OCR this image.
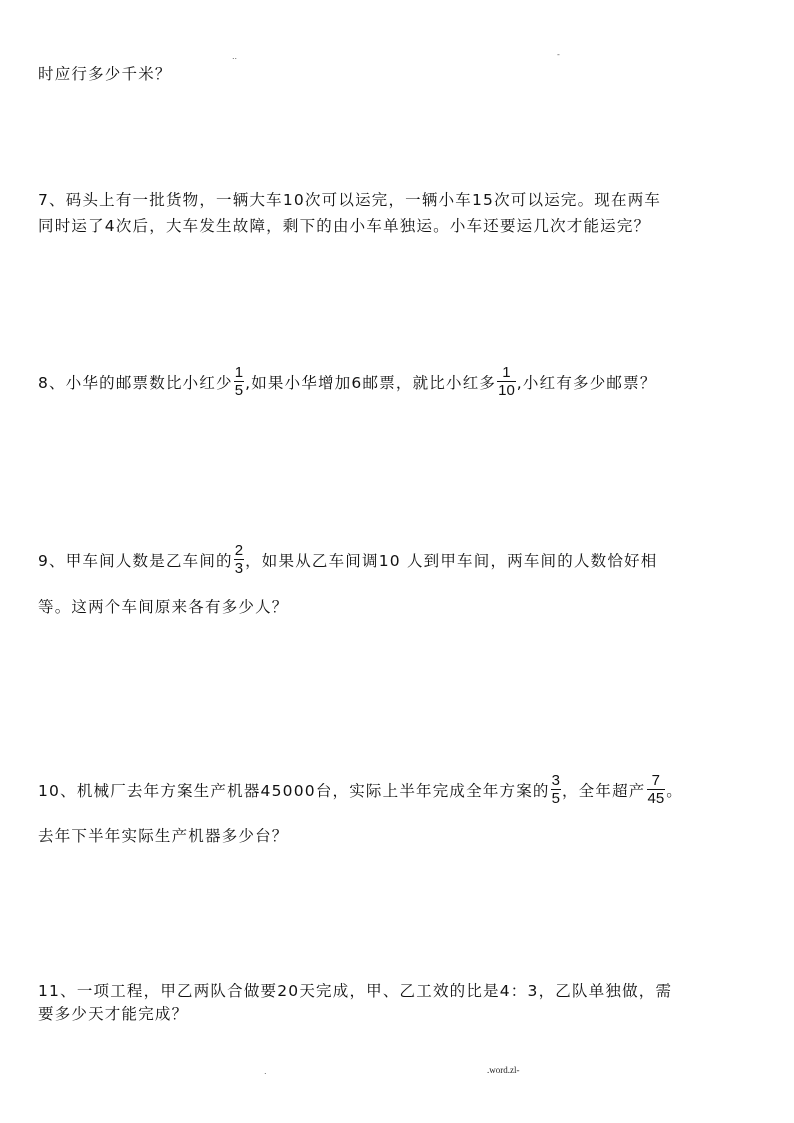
..	-
时应行多少千米？
7、码头上有一批货物，一辆大车10次可以运完，一辆小车15次可以运完。现在两车
同时运了4次后，大车发生故障，剩下的由小车单独运。小车还要运几次才能运完？
8、小华的邮票数比小红少 $\frac{1}{5}$ ,如果小华增加6邮票，就比小红多 $\frac{1}{10}$ ,小红有多少邮票？
9、甲车间人数是乙车间的 $\frac{2}{3}$ ，如果从乙车间调10 人到甲车间，两车间的人数恰好相
等。这两个车间原来各有多少人？
10、机械厂去年方案生产机器45000台，实际上半年完成全年方案的 $\frac{3}{5}$ ，全年超产 $\frac{7}{45}$ 。
去年下半年实际生产机器多少台？
11、一项工程，甲乙两队合做要20天完成，甲、乙工效的比是4：3，乙队单独做，需
要多少天才能完成？
.	.word.zl-
